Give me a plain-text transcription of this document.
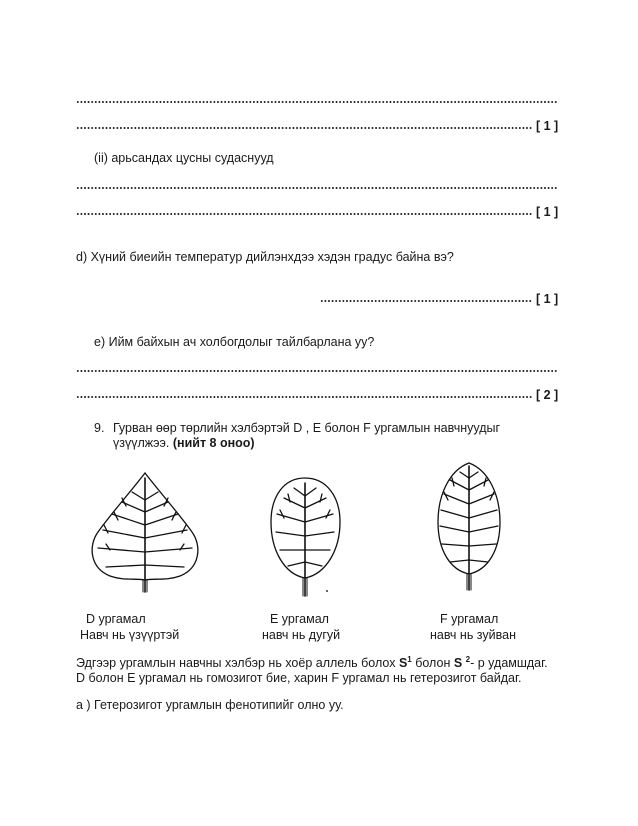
[ 1 ]
(ii) арьсандах цусны судаснууд
[ 1 ]
d) Хүний биеийн температур дийлэнхдээ хэдэн градус байна вэ?
[ 1 ]
e) Ийм байхын ач холбогдолыг тайлбарлана уу?
[ 2 ]
9. Гурван өөр төрлийн хэлбэртэй D , E болон F ургамлын навчнуудыг
үзүүлжээ. (нийт 8 оноо)
D ургамал
Навч нь үзүүртэй
E ургамал
навч нь дугуй
F ургамал
навч нь зуйван
Эдгээр ургамлын навчны хэлбэр нь хоёр аллель болох $S^1$ болон S $^2$- р удамшдаг.
D болон E ургамал нь гомозигот бие, харин F ургамал нь гетерозигот байдаг.
а ) Гетерозигот ургамлын фенотипийг олно уу.
